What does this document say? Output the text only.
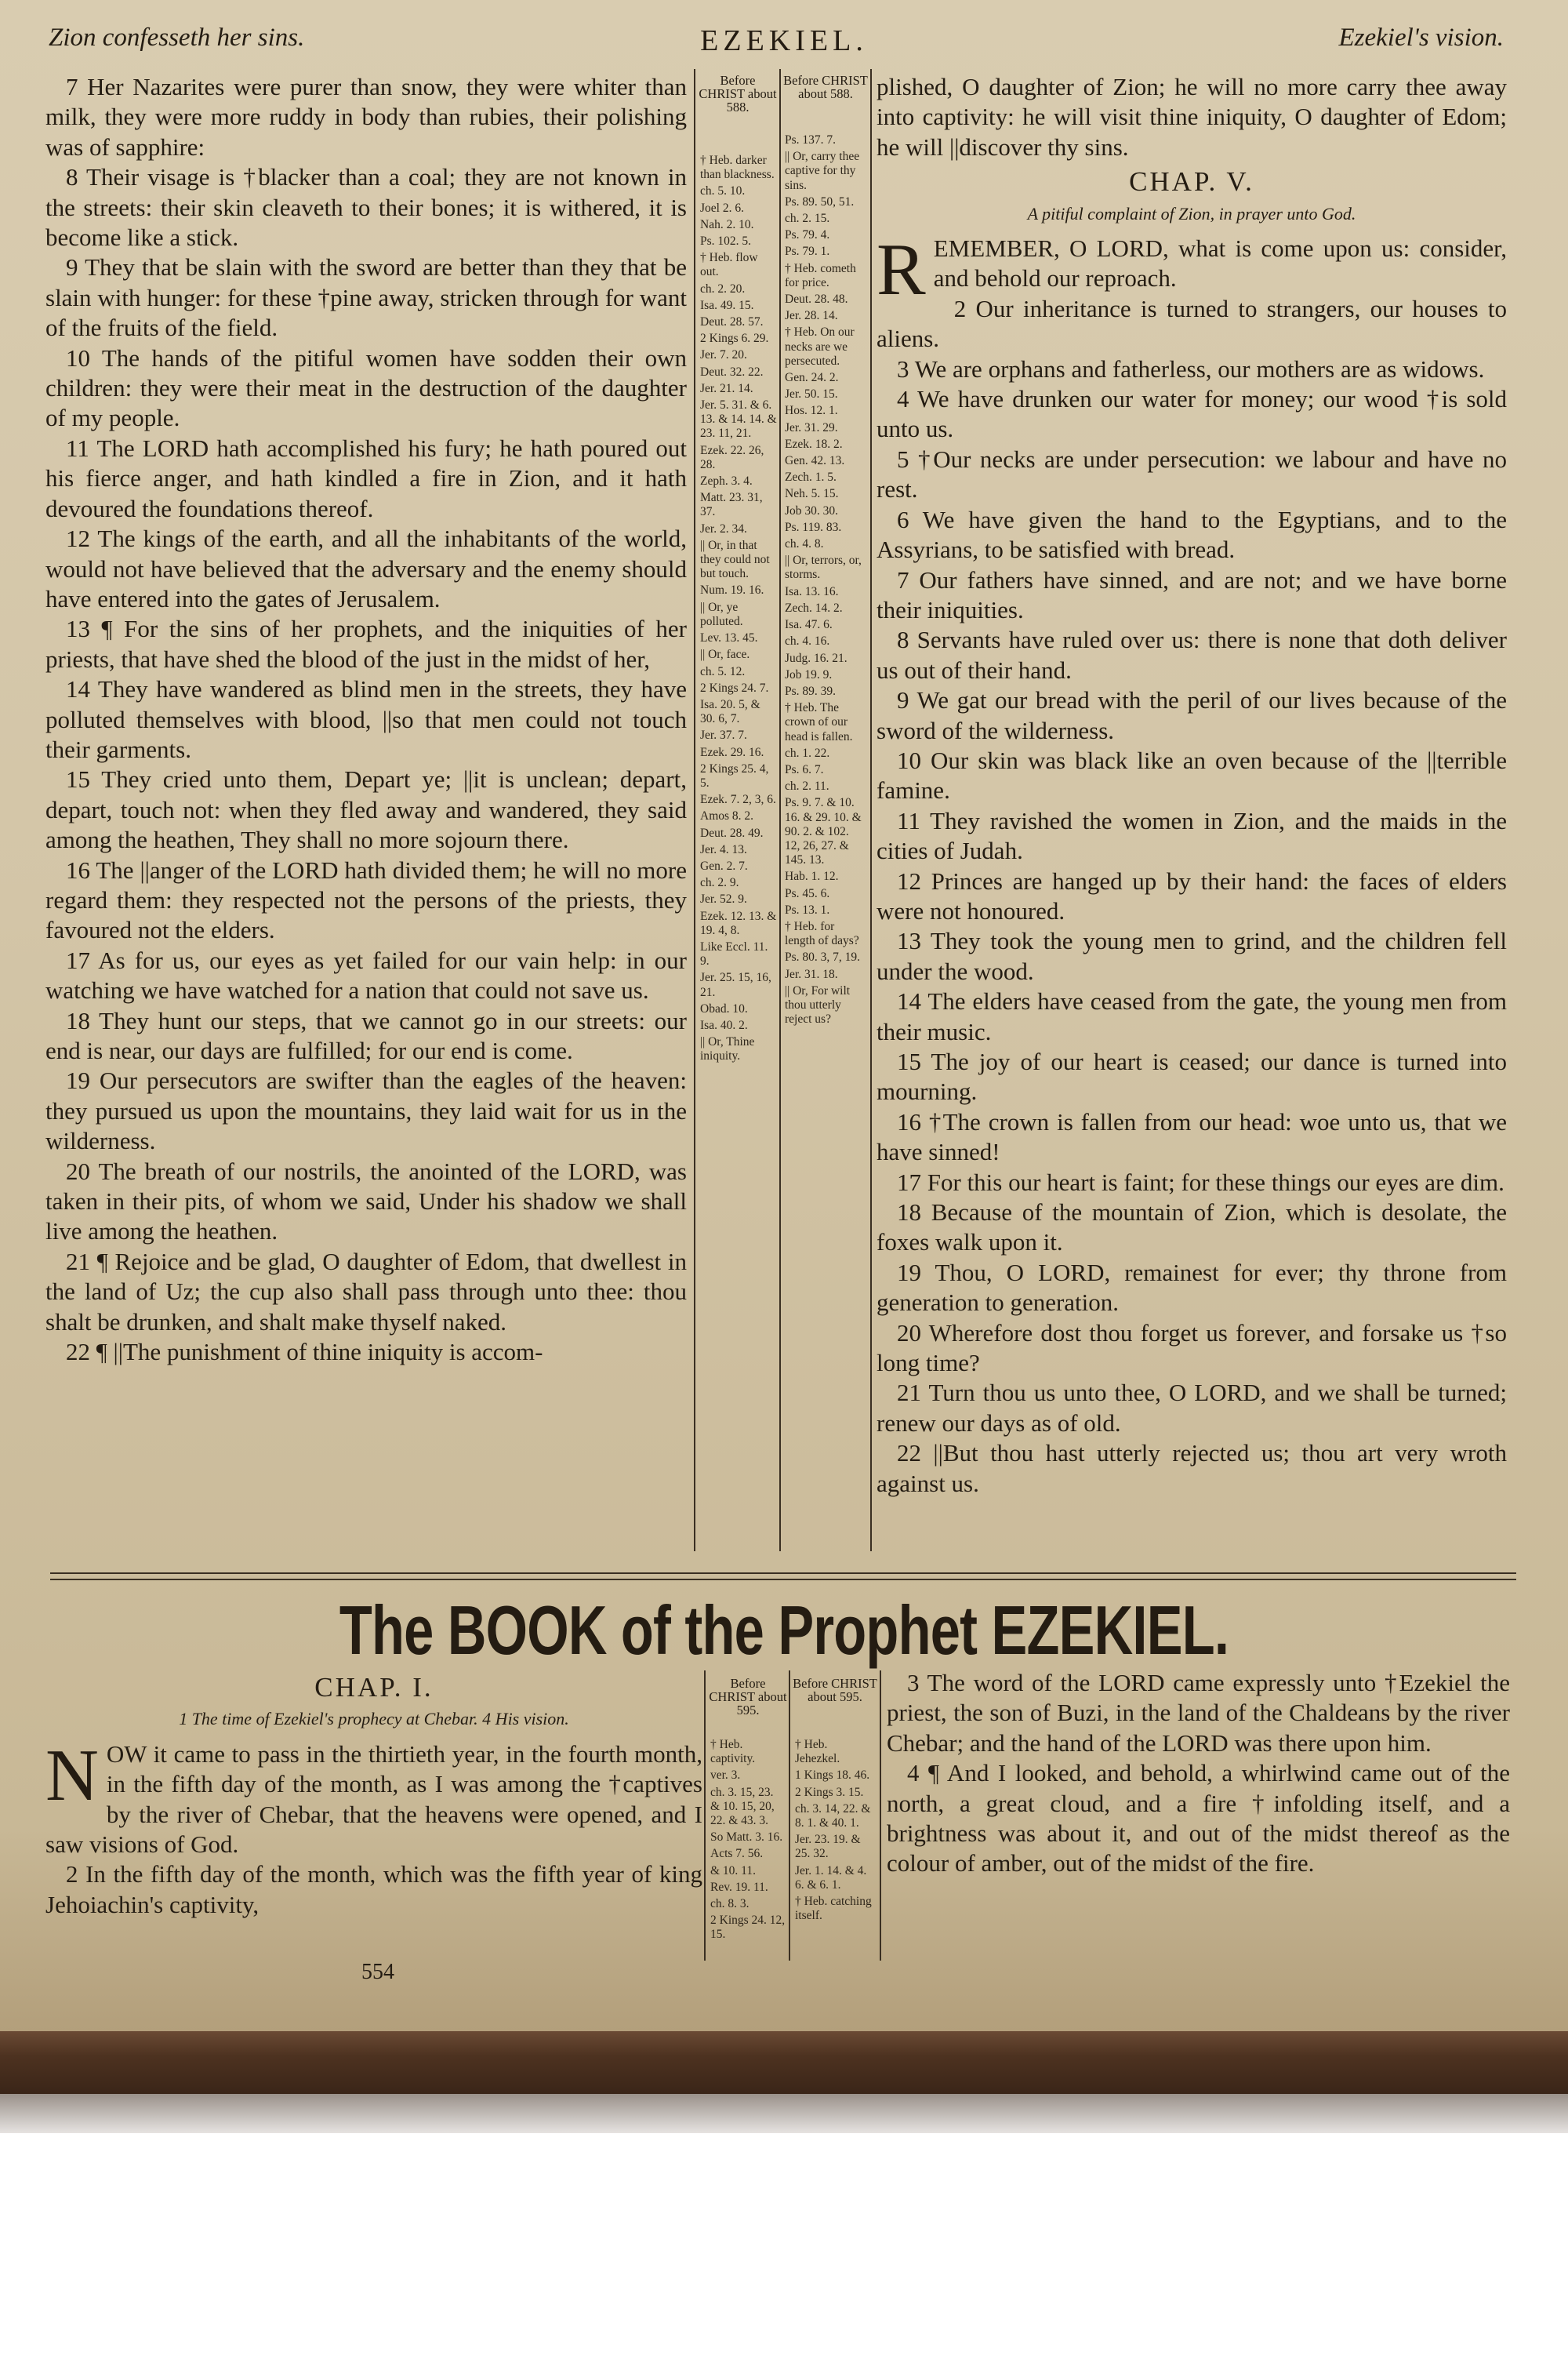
Zion confesseth her sins.	EZEKIEL.	Ezekiel's vision.
Before CHRIST about 588.
Before CHRIST about 588.

7 Her Nazarites were purer than snow, they were whiter than milk, they were more ruddy in body than rubies, their polishing was of sapphire:

8 Their visage is †blacker than a coal; they are not known in the streets: their skin cleaveth to their bones; it is withered, it is become like a stick.

9 They that be slain with the sword are better than they that be slain with hunger: for these †pine away, stricken through for want of the fruits of the field.

10 The hands of the pitiful women have sodden their own children: they were their meat in the destruction of the daughter of my people.

11 The LORD hath accomplished his fury; he hath poured out his fierce anger, and hath kindled a fire in Zion, and it hath devoured the foundations thereof.

12 The kings of the earth, and all the inhabitants of the world, would not have believed that the adversary and the enemy should have entered into the gates of Jerusalem.

13 ¶ For the sins of her prophets, and the iniquities of her priests, that have shed the blood of the just in the midst of her,

14 They have wandered as blind men in the streets, they have polluted themselves with blood, ||so that men could not touch their garments.

15 They cried unto them, Depart ye; ||it is unclean; depart, depart, touch not: when they fled away and wandered, they said among the heathen, They shall no more sojourn there.

16 The ||anger of the LORD hath divided them; he will no more regard them: they respected not the persons of the priests, they favoured not the elders.

17 As for us, our eyes as yet failed for our vain help: in our watching we have watched for a nation that could not save us.

18 They hunt our steps, that we cannot go in our streets: our end is near, our days are fulfilled; for our end is come.

19 Our persecutors are swifter than the eagles of the heaven: they pursued us upon the mountains, they laid wait for us in the wilderness.

20 The breath of our nostrils, the anointed of the LORD, was taken in their pits, of whom we said, Under his shadow we shall live among the heathen.

21 ¶ Rejoice and be glad, O daughter of Edom, that dwellest in the land of Uz; the cup also shall pass through unto thee: thou shalt be drunken, and shalt make thyself naked.

22 ¶ ||The punishment of thine iniquity is accom-

† Heb. darker than blackness.
ch. 5. 10.
Joel 2. 6.
Nah. 2. 10.
Ps. 102. 5.
† Heb. flow out.
ch. 2. 20.
Isa. 49. 15.
Deut. 28. 57.
2 Kings 6. 29.
Jer. 7. 20.
Deut. 32. 22.
Jer. 21. 14.
Jer. 5. 31. & 6. 13. & 14. 14. & 23. 11, 21.
Ezek. 22. 26, 28.
Zeph. 3. 4.
Matt. 23. 31, 37.
Jer. 2. 34.
|| Or, in that they could not but touch.
Num. 19. 16.
|| Or, ye polluted.
Lev. 13. 45.
|| Or, face.
ch. 5. 12.
2 Kings 24. 7.
Isa. 20. 5, & 30. 6, 7.
Jer. 37. 7.
Ezek. 29. 16.
2 Kings 25. 4, 5.
Ezek. 7. 2, 3, 6.
Amos 8. 2.
Deut. 28. 49.
Jer. 4. 13.
Gen. 2. 7.
ch. 2. 9.
Jer. 52. 9.
Ezek. 12. 13. & 19. 4, 8.
Like Eccl. 11. 9.
Jer. 25. 15, 16, 21.
Obad. 10.
Isa. 40. 2.
|| Or, Thine iniquity.
Ps. 137. 7.
|| Or, carry thee captive for thy sins.
Ps. 89. 50, 51.
ch. 2. 15.
Ps. 79. 4.
Ps. 79. 1.
† Heb. cometh for price.
Deut. 28. 48.
Jer. 28. 14.
† Heb. On our necks are we persecuted.
Gen. 24. 2.
Jer. 50. 15.
Hos. 12. 1.
Jer. 31. 29.
Ezek. 18. 2.
Gen. 42. 13.
Zech. 1. 5.
Neh. 5. 15.
Job 30. 30.
Ps. 119. 83.
ch. 4. 8.
|| Or, terrors, or, storms.
Isa. 13. 16.
Zech. 14. 2.
Isa. 47. 6.
ch. 4. 16.
Judg. 16. 21.
Job 19. 9.
Ps. 89. 39.
† Heb. The crown of our head is fallen.
ch. 1. 22.
Ps. 6. 7.
ch. 2. 11.
Ps. 9. 7. & 10. 16. & 29. 10. & 90. 2. & 102. 12, 26, 27. & 145. 13.
Hab. 1. 12.
Ps. 45. 6.
Ps. 13. 1.
† Heb. for length of days?
Ps. 80. 3, 7, 19.
Jer. 31. 18.
|| Or, For wilt thou utterly reject us?

plished, O daughter of Zion; he will no more carry thee away into captivity: he will visit thine iniquity, O daughter of Edom; he will ||discover thy sins.

CHAP. V.
A pitiful complaint of Zion, in prayer unto God.

REMEMBER, O LORD, what is come upon us: consider, and behold our reproach.

2 Our inheritance is turned to strangers, our houses to aliens.

3 We are orphans and fatherless, our mothers are as widows.

4 We have drunken our water for money; our wood †is sold unto us.

5 †Our necks are under persecution: we labour and have no rest.

6 We have given the hand to the Egyptians, and to the Assyrians, to be satisfied with bread.

7 Our fathers have sinned, and are not; and we have borne their iniquities.

8 Servants have ruled over us: there is none that doth deliver us out of their hand.

9 We gat our bread with the peril of our lives because of the sword of the wilderness.

10 Our skin was black like an oven because of the ||terrible famine.

11 They ravished the women in Zion, and the maids in the cities of Judah.

12 Princes are hanged up by their hand: the faces of elders were not honoured.

13 They took the young men to grind, and the children fell under the wood.

14 The elders have ceased from the gate, the young men from their music.

15 The joy of our heart is ceased; our dance is turned into mourning.

16 †The crown is fallen from our head: woe unto us, that we have sinned!

17 For this our heart is faint; for these things our eyes are dim.

18 Because of the mountain of Zion, which is desolate, the foxes walk upon it.

19 Thou, O LORD, remainest for ever; thy throne from generation to generation.

20 Wherefore dost thou forget us forever, and forsake us †so long time?

21 Turn thou us unto thee, O LORD, and we shall be turned; renew our days as of old.

22 ||But thou hast utterly rejected us; thou art very wroth against us.

The BOOK of the Prophet EZEKIEL.
Before CHRIST about 595.
Before CHRIST about 595.
CHAP. I.
1 The time of Ezekiel's prophecy at Chebar. 4 His vision.

NOW it came to pass in the thirtieth year, in the fourth month, in the fifth day of the month, as I was among the †captives by the river of Chebar, that the heavens were opened, and I saw visions of God.

2 In the fifth day of the month, which was the fifth year of king Jehoiachin's captivity,

† Heb. captivity.
ver. 3.
ch. 3. 15, 23. & 10. 15, 20, 22. & 43. 3.
So Matt. 3. 16.
Acts 7. 56.
& 10. 11.
Rev. 19. 11.
ch. 8. 3.
2 Kings 24. 12, 15.
† Heb. Jehezkel.
1 Kings 18. 46.
2 Kings 3. 15.
ch. 3. 14, 22. & 8. 1. & 40. 1.
Jer. 23. 19. & 25. 32.
Jer. 1. 14. & 4. 6. & 6. 1.
† Heb. catching itself.

3 The word of the LORD came expressly unto †Ezekiel the priest, the son of Buzi, in the land of the Chaldeans by the river Chebar; and the hand of the LORD was there upon him.

4 ¶ And I looked, and behold, a whirlwind came out of the north, a great cloud, and a fire †infolding itself, and a brightness was about it, and out of the midst thereof as the colour of amber, out of the midst of the fire.

554
